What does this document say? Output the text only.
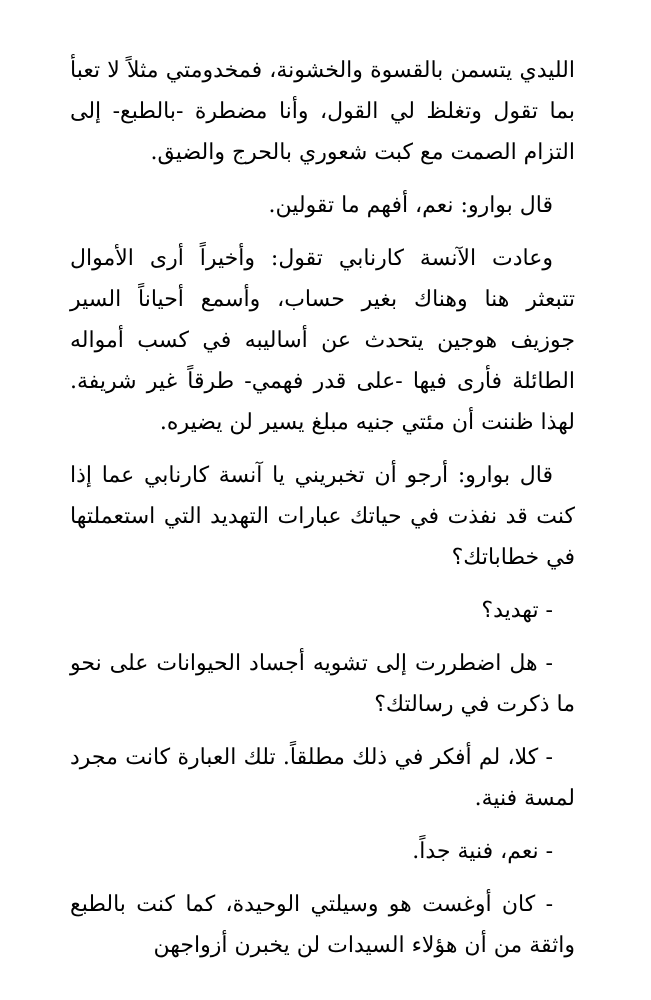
الليدي يتسمن بالقسوة والخشونة، فمخدومتي مثلاً لا تعبأ بما تقول وتغلظ لي القول، وأنا مضطرة -بالطبع- إلى التزام الصمت مع كبت شعوري بالحرج والضيق.

قال بوارو: نعم، أفهم ما تقولين.

وعادت الآنسة كارنابي تقول: وأخيراً أرى الأموال تتبعثر هنا وهناك بغير حساب، وأسمع أحياناً السير جوزيف هوجين يتحدث عن أساليبه في كسب أمواله الطائلة فأرى فيها -على قدر فهمي- طرقاً غير شريفة. لهذا ظننت أن مئتي جنيه مبلغ يسير لن يضيره.

قال بوارو: أرجو أن تخبريني يا آنسة كارنابي عما إذا كنت قد نفذت في حياتك عبارات التهديد التي استعملتها في خطاباتك؟

- تهديد؟

- هل اضطررت إلى تشويه أجساد الحيوانات على نحو ما ذكرت في رسالتك؟

- كلا، لم أفكر في ذلك مطلقاً. تلك العبارة كانت مجرد لمسة فنية.

- نعم، فنية جداً.

- كان أوغست هو وسيلتي الوحيدة، كما كنت بالطبع واثقة من أن هؤلاء السيدات لن يخبرن أزواجهن
